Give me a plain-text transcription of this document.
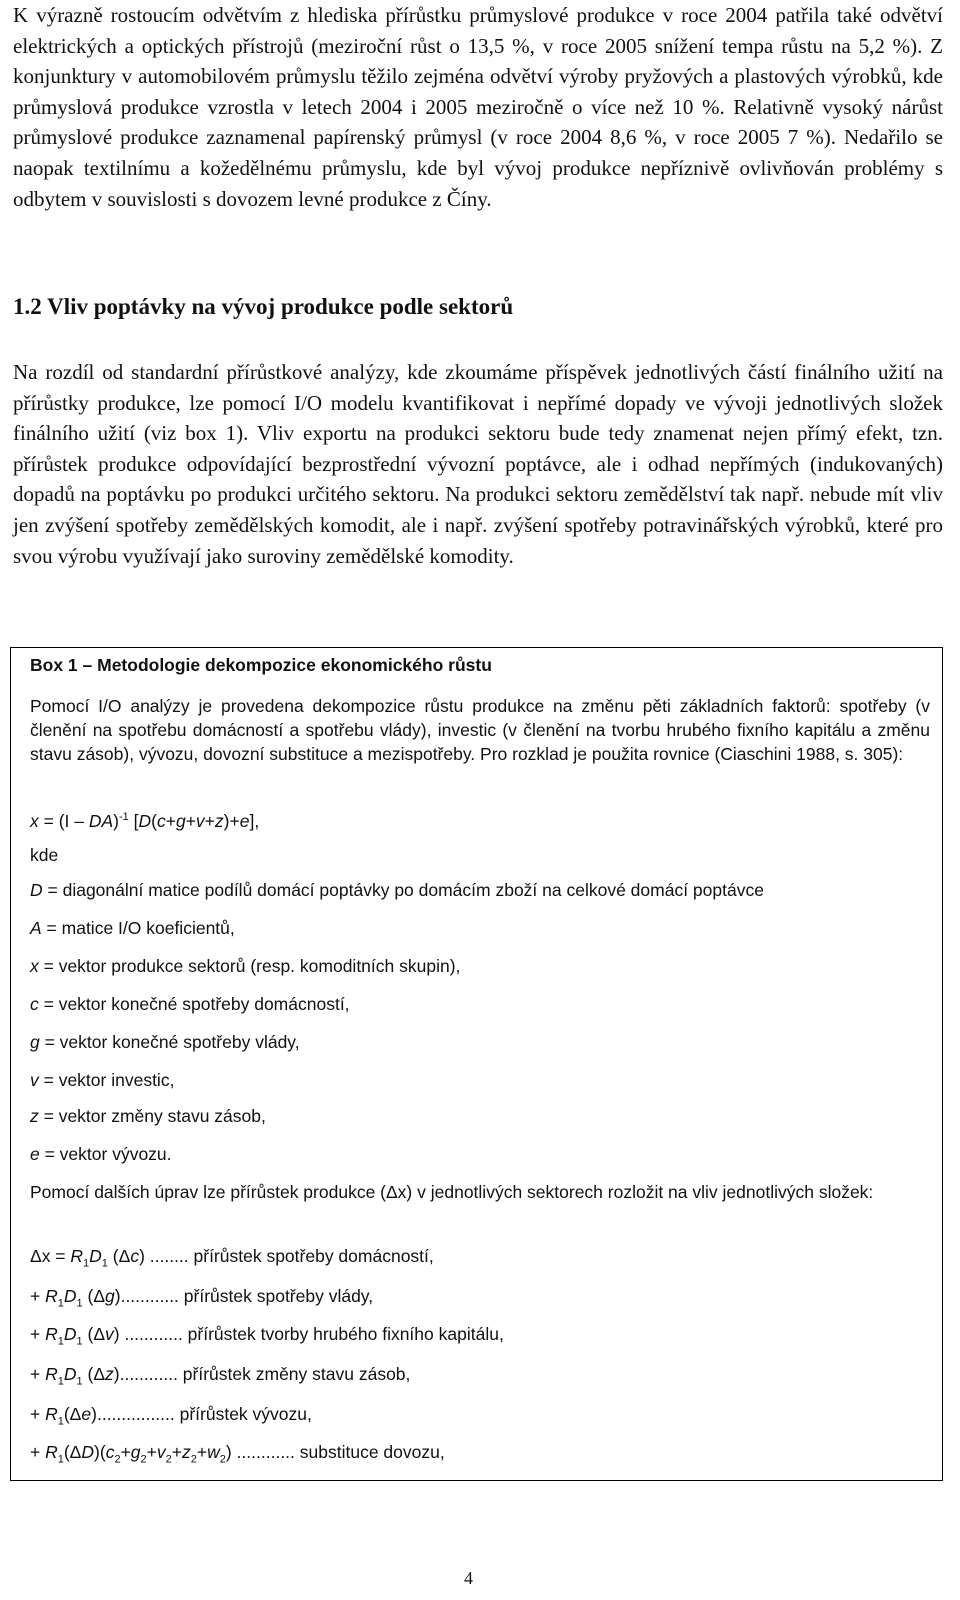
K výrazně rostoucím odvětvím z hlediska přírůstku průmyslové produkce v roce 2004 patřila také odvětví elektrických a optických přístrojů (meziroční růst o 13,5 %, v roce 2005 snížení tempa růstu na 5,2 %). Z konjunktury v automobilovém průmyslu těžilo zejména odvětví výroby pryžových a plastových výrobků, kde průmyslová produkce vzrostla v letech 2004 i 2005 meziročně o více než 10 %. Relativně vysoký nárůst průmyslové produkce zaznamenal papírenský průmysl (v roce 2004 8,6 %, v roce 2005 7 %). Nedařilo se naopak textilnímu a kožedělnému průmyslu, kde byl vývoj produkce nepříznivě ovlivňován problémy s odbytem v souvislosti s dovozem levné produkce z Číny.

1.2 Vliv poptávky na vývoj produkce podle sektorů

Na rozdíl od standardní přírůstkové analýzy, kde zkoumáme příspěvek jednotlivých částí finálního užití na přírůstky produkce, lze pomocí I/O modelu kvantifikovat i nepřímé dopady ve vývoji jednotlivých složek finálního užití (viz box 1). Vliv exportu na produkci sektoru bude tedy znamenat nejen přímý efekt, tzn. přírůstek produkce odpovídající bezprostřední vývozní poptávce, ale i odhad nepřímých (indukovaných) dopadů na poptávku po produkci určitého sektoru. Na produkci sektoru zemědělství tak např. nebude mít vliv jen zvýšení spotřeby zemědělských komodit, ale i např. zvýšení spotřeby potravinářských výrobků, které pro svou výrobu využívají jako suroviny zemědělské komodity.

Box 1 – Metodologie dekompozice ekonomického růstu

Pomocí I/O analýzy je provedena dekompozice růstu produkce na změnu pěti základních faktorů: spotřeby (v členění na spotřebu domácností a spotřebu vlády), investic (v členění na tvorbu hrubého fixního kapitálu a změnu stavu zásob), vývozu, dovozní substituce a mezispotřeby. Pro rozklad je použita rovnice (Ciaschini 1988, s. 305):

x = (I – DA)$^{-1}$ [D(c+g+v+z)+e],

kde

D = diagonální matice podílů domácí poptávky po domácím zboží na celkové domácí poptávce

A = matice I/O koeficientů,

x = vektor produkce sektorů (resp. komoditních skupin),

c = vektor konečné spotřeby domácností,

g = vektor konečné spotřeby vlády,

v = vektor investic,

z = vektor změny stavu zásob,

e = vektor vývozu.

Pomocí dalších úprav lze přírůstek produkce (Δx) v jednotlivých sektorech rozložit na vliv jednotlivých složek:

$\Delta x = R_1D_1$ (Δc) ........ přírůstek spotřeby domácností,

+ $R_1D_1$ (Δg)............ přírůstek spotřeby vlády,

+ $R_1D_1$ (Δv) ............ přírůstek tvorby hrubého fixního kapitálu,

+ $R_1D_1$ (Δz)............ přírůstek změny stavu zásob,

+ $R_1(\Delta e)$................ přírůstek vývozu,

+ $R_1(\Delta D)(c_2+g_2+v_2+z_2+w_2)$ ............ substituce dovozu,

4
